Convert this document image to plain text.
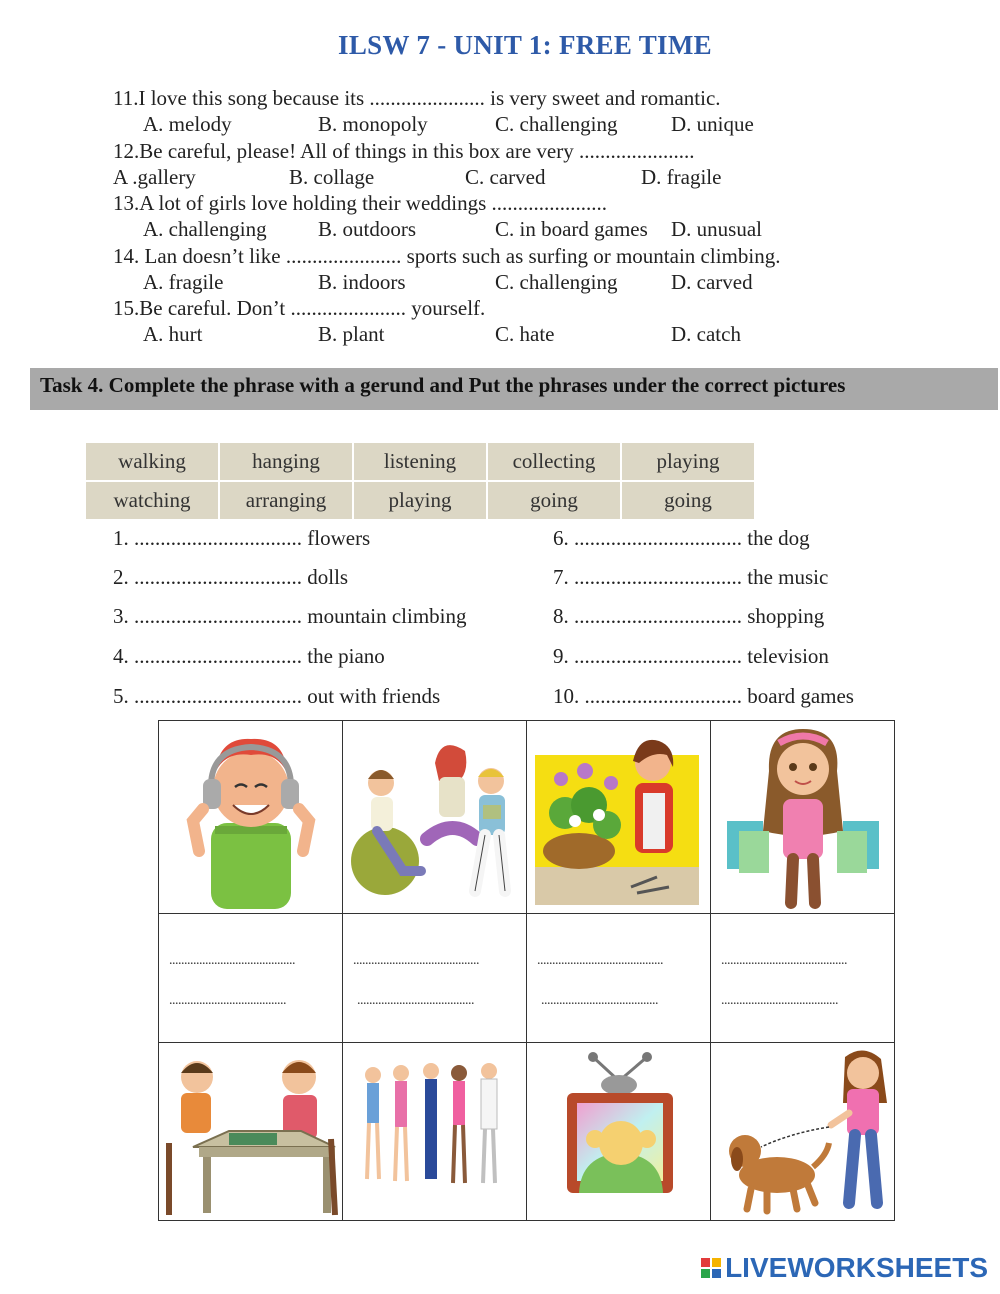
ILSW 7 - UNIT 1: FREE TIME
11.I love this song because its ...................... is very sweet and romantic.
A. melody	B. monopoly	C. challenging	D. unique
12.Be careful, please! All of things in this box are very ......................
A .gallery	B. collage	C. carved	D. fragile
13.A lot of girls love holding their weddings ......................
A. challenging B. outdoors	C. in board games D. unusual
14. Lan doesn’t like ...................... sports such as surfing or mountain climbing.
A. fragile	B. indoors	C. challenging	D. carved
15.Be careful. Don’t ...................... yourself.
A. hurt	B. plant	C. hate	D. catch
Task 4. Complete the phrase with a gerund and Put the phrases under the correct pictures
walking	hanging	listening	collecting	playing
watching	arranging	playing	going	going
1. ................................ flowers
2. ................................ dolls
3. ................................ mountain climbing
4. ................................ the piano
5. ................................ out with friends
6. ................................ the dog
7. ................................ the music
8. ................................ shopping
9. ................................ television
10. .............................. board games
..........................................
.......................................
..........................................
.......................................
..........................................
.......................................
..........................................
.......................................
LIVEWORKSHEETS
